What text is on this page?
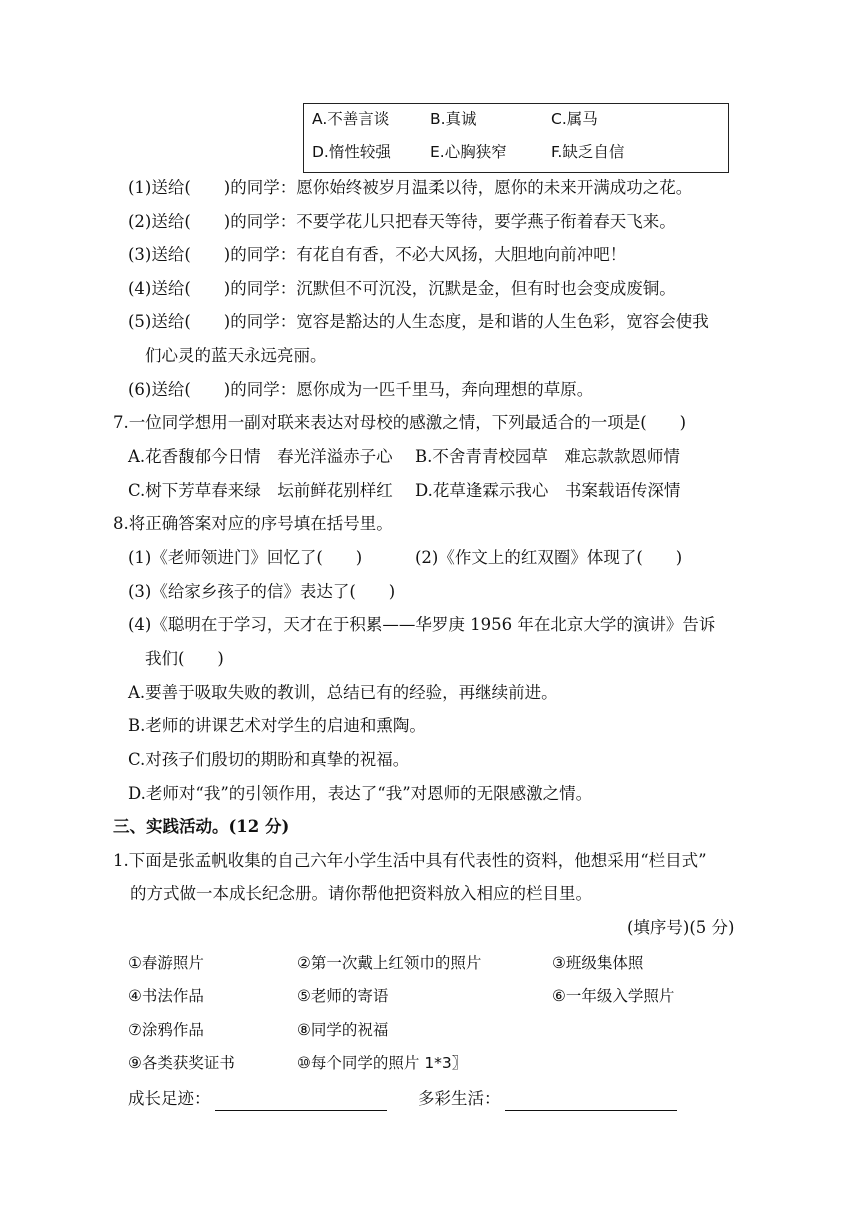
A.不善言谈	B.真诚	C.属马
D.惰性较强	E.心胸狭窄	F.缺乏自信
(1)送给(　　)的同学：愿你始终被岁月温柔以待，愿你的未来开满成功之花。
(2)送给(　　)的同学：不要学花儿只把春天等待，要学燕子衔着春天飞来。
(3)送给(　　)的同学：有花自有香，不必大风扬，大胆地向前冲吧！
(4)送给(　　)的同学：沉默但不可沉没，沉默是金，但有时也会变成废铜。
(5)送给(　　)的同学：宽容是豁达的人生态度，是和谐的人生色彩，宽容会使我
们心灵的蓝天永远亮丽。
(6)送给(　　)的同学：愿你成为一匹千里马，奔向理想的草原。
7.一位同学想用一副对联来表达对母校的感激之情，下列最适合的一项是(　　)
A.花香馥郁今日情　春光洋溢赤子心 B.不舍青青校园草　难忘款款恩师情
C.树下芳草春来绿　坛前鲜花别样红 D.花草逢霖示我心　书案载语传深情
8.将正确答案对应的序号填在括号里。
(1)《老师领进门》回忆了(　　)	(2)《作文上的红双圈》体现了(　　)
(3)《给家乡孩子的信》表达了(　　)
(4)《聪明在于学习，天才在于积累——华罗庚 1956 年在北京大学的演讲》告诉
我们(　　)
A.要善于吸取失败的教训，总结已有的经验，再继续前进。
B.老师的讲课艺术对学生的启迪和熏陶。
C.对孩子们殷切的期盼和真挚的祝福。
D.老师对“我”的引领作用，表达了“我”对恩师的无限感激之情。
三、实践活动。(12 分)
1.下面是张孟帆收集的自己六年小学生活中具有代表性的资料，他想采用“栏目式”
的方式做一本成长纪念册。请你帮他把资料放入相应的栏目里。
(填序号)(5 分)
①春游照片	②第一次戴上红领巾的照片	③班级集体照
④书法作品	⑤老师的寄语	⑥一年级入学照片
⑦涂鸦作品	⑧同学的祝福
⑨各类获奖证书	⑩每个同学的照片 1*3〗
成长足迹：	多彩生活：
